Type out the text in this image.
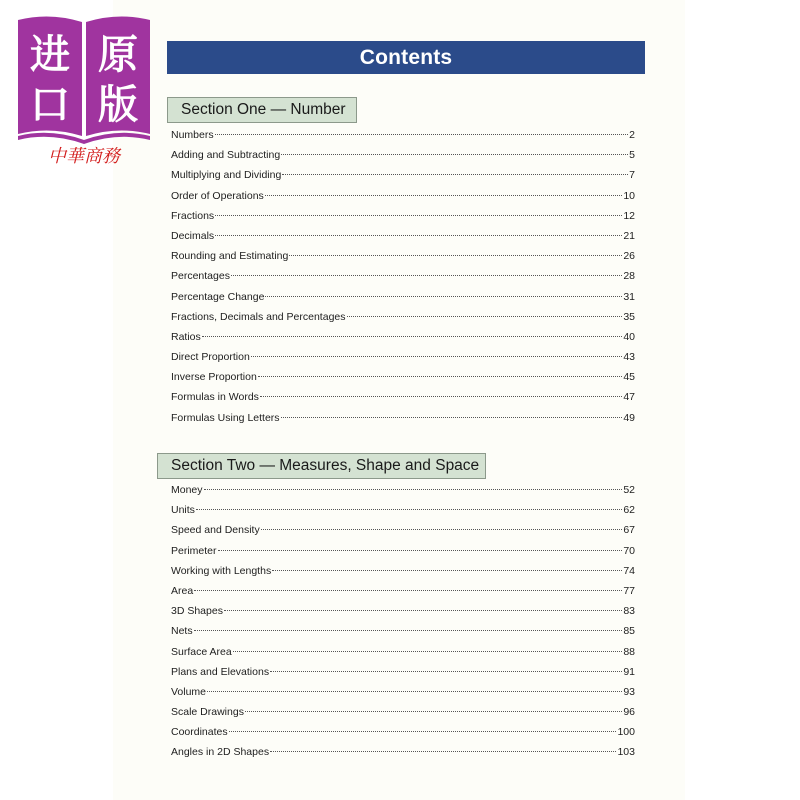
进 原
口 版
中華商務
Contents
Section One — Number
Numbers	2
Adding and Subtracting	5
Multiplying and Dividing	7
Order of Operations	10
Fractions	12
Decimals	21
Rounding and Estimating	26
Percentages	28
Percentage Change	31
Fractions, Decimals and Percentages	35
Ratios	40
Direct Proportion	43
Inverse Proportion	45
Formulas in Words	47
Formulas Using Letters	49
Section Two — Measures, Shape and Space
Money	52
Units	62
Speed and Density	67
Perimeter	70
Working with Lengths	74
Area	77
3D Shapes	83
Nets	85
Surface Area	88
Plans and Elevations	91
Volume	93
Scale Drawings	96
Coordinates	100
Angles in 2D Shapes	103
